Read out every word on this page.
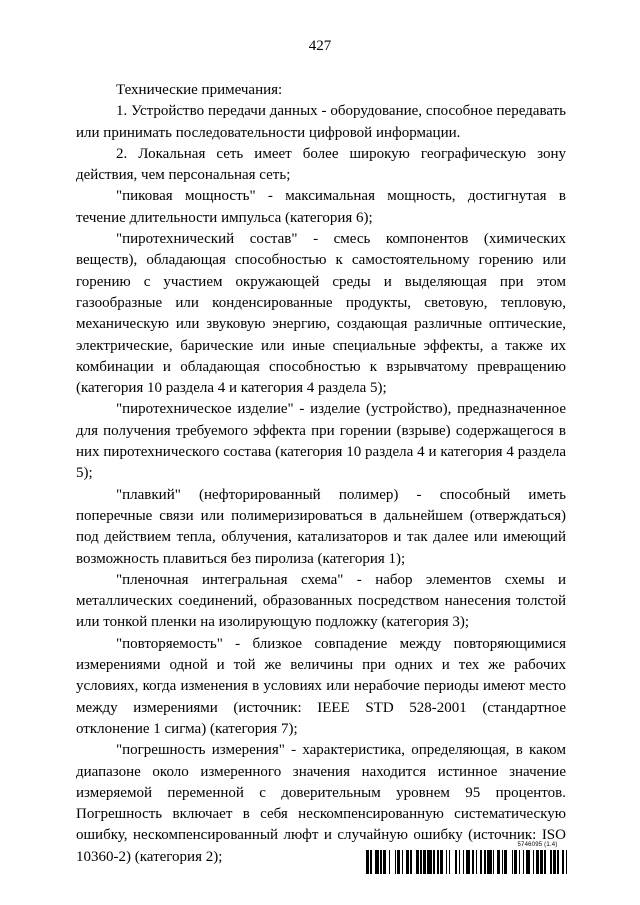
427

Технические примечания:

1. Устройство передачи данных - оборудование, способное передавать или принимать последовательности цифровой информации.

2. Локальная сеть имеет более широкую географическую зону действия, чем персональная сеть;

"пиковая мощность" - максимальная мощность, достигнутая в течение длительности импульса (категория 6);

"пиротехнический состав" - смесь компонентов (химических веществ), обладающая способностью к самостоятельному горению или горению с участием окружающей среды и выделяющая при этом газообразные или конденсированные продукты, световую, тепловую, механическую или звуковую энергию, создающая различные оптические, электрические, барические или иные специальные эффекты, а также их комбинации и обладающая способностью к взрывчатому превращению (категория 10 раздела 4 и категория 4 раздела 5);

"пиротехническое изделие" - изделие (устройство), предназначенное для получения требуемого эффекта при горении (взрыве) содержащегося в них пиротехнического состава (категория 10 раздела 4 и категория 4 раздела 5);

"плавкий" (нефторированный полимер) - способный иметь поперечные связи или полимеризироваться в дальнейшем (отверждаться) под действием тепла, облучения, катализаторов и так далее или имеющий возможность плавиться без пиролиза (категория 1);

"пленочная интегральная схема" - набор элементов схемы и металлических соединений, образованных посредством нанесения толстой или тонкой пленки на изолирующую подложку (категория 3);

"повторяемость" - близкое совпадение между повторяющимися измерениями одной и той же величины при одних и тех же рабочих условиях, когда изменения в условиях или нерабочие периоды имеют место между измерениями (источник: IEEE STD 528-2001 (стандартное отклонение 1 сигма) (категория 7);

"погрешность измерения" - характеристика, определяющая, в каком диапазоне около измеренного значения находится истинное значение измеряемой переменной с доверительным уровнем 95 процентов. Погрешность включает в себя нескомпенсированную систематическую ошибку, нескомпенсированный люфт и случайную ошибку (источник: ISO 10360-2) (категория 2);

5746095 (1.4)
